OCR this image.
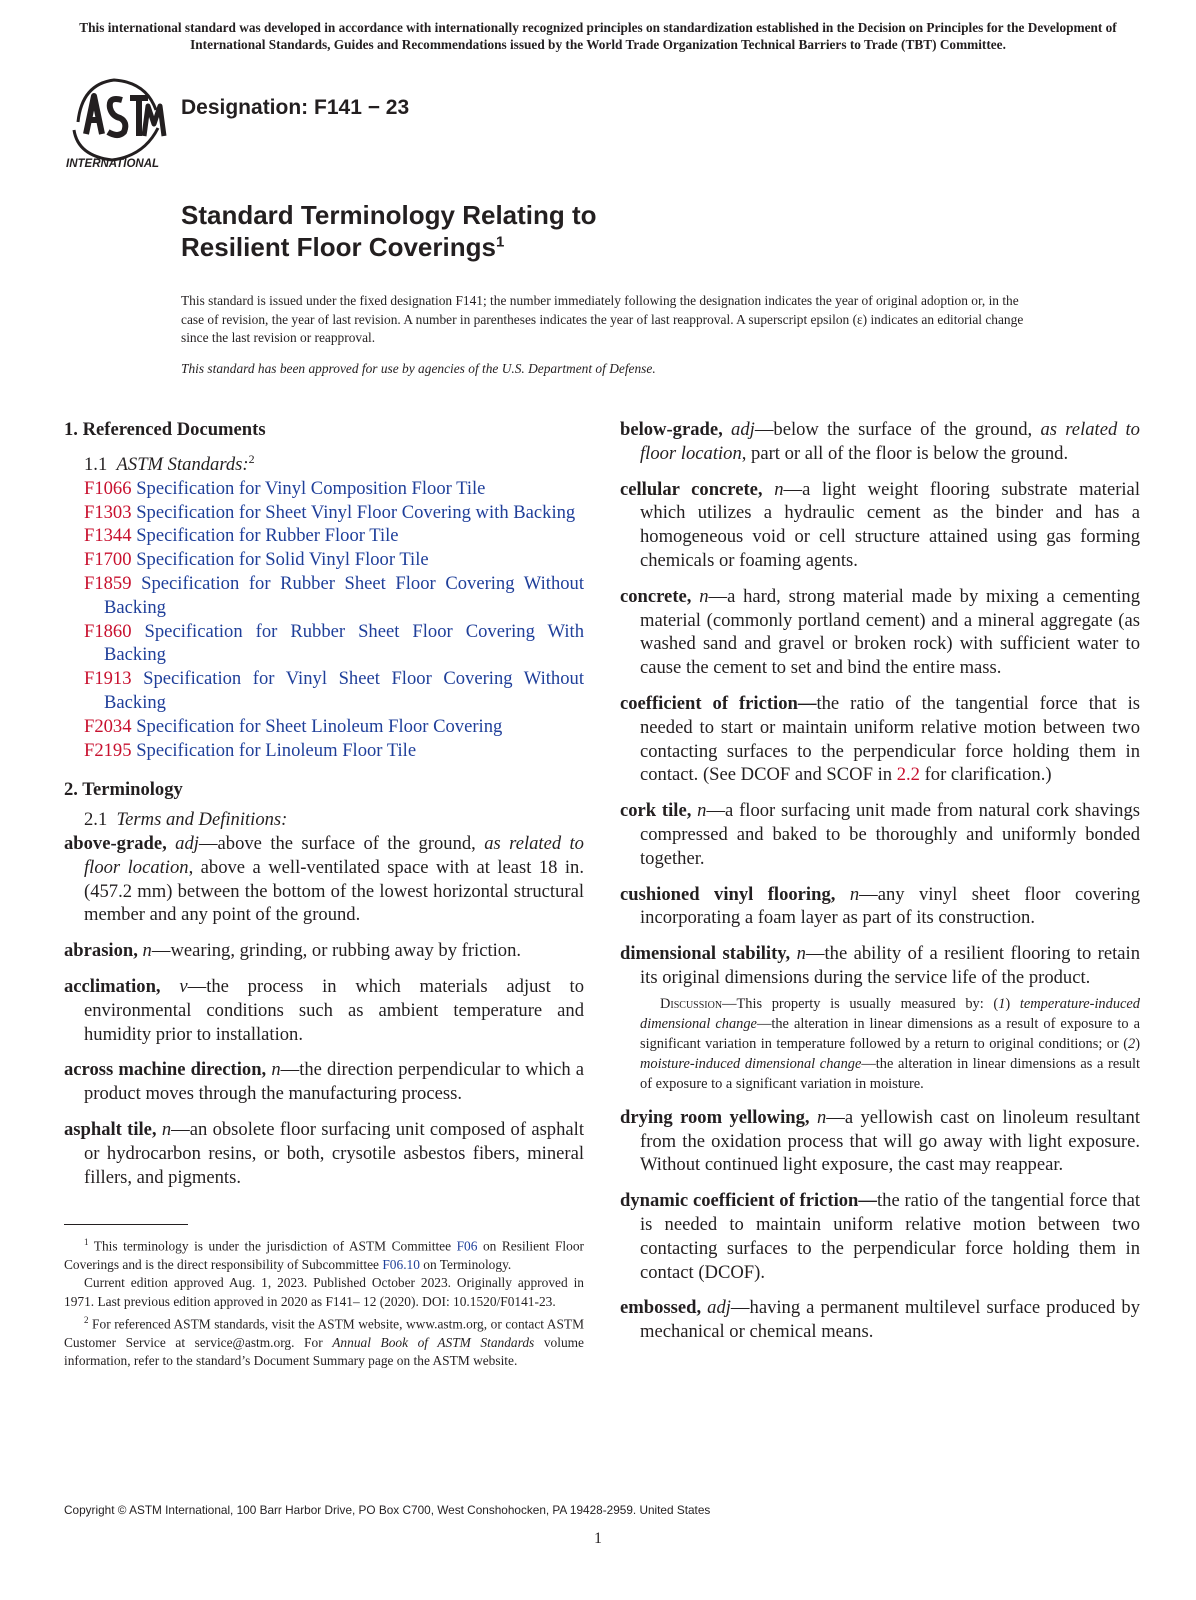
This international standard was developed in accordance with internationally recognized principles on standardization established in the Decision on Principles for the Development of International Standards, Guides and Recommendations issued by the World Trade Organization Technical Barriers to Trade (TBT) Committee.
INTERNATIONAL
Designation: F141 − 23
Standard Terminology Relating to
Resilient Floor Coverings$^1$
This standard is issued under the fixed designation F141; the number immediately following the designation indicates the year of original adoption or, in the case of revision, the year of last revision. A number in parentheses indicates the year of last reapproval. A superscript epsilon (ε) indicates an editorial change since the last revision or reapproval.
This standard has been approved for use by agencies of the U.S. Department of Defense.

1. Referenced Documents

1.1 ASTM Standards:$^2$

F1066 Specification for Vinyl Composition Floor Tile

F1303 Specification for Sheet Vinyl Floor Covering with Backing

F1344 Specification for Rubber Floor Tile

F1700 Specification for Solid Vinyl Floor Tile

F1859 Specification for Rubber Sheet Floor Covering Without Backing

F1860 Specification for Rubber Sheet Floor Covering With Backing

F1913 Specification for Vinyl Sheet Floor Covering Without Backing

F2034 Specification for Sheet Linoleum Floor Covering

F2195 Specification for Linoleum Floor Tile

2. Terminology

2.1 Terms and Definitions:

above-grade, adj—above the surface of the ground, as related to floor location, above a well-ventilated space with at least 18 in. (457.2 mm) between the bottom of the lowest horizontal structural member and any point of the ground.

abrasion, n—wearing, grinding, or rubbing away by friction.

acclimation, v—the process in which materials adjust to environmental conditions such as ambient temperature and humidity prior to installation.

across machine direction, n—the direction perpendicular to which a product moves through the manufacturing process.

asphalt tile, n—an obsolete floor surfacing unit composed of asphalt or hydrocarbon resins, or both, crysotile asbestos fibers, mineral fillers, and pigments.

below-grade, adj—below the surface of the ground, as related to floor location, part or all of the floor is below the ground.

cellular concrete, n—a light weight flooring substrate material which utilizes a hydraulic cement as the binder and has a homogeneous void or cell structure attained using gas forming chemicals or foaming agents.

concrete, n—a hard, strong material made by mixing a cementing material (commonly portland cement) and a mineral aggregate (as washed sand and gravel or broken rock) with sufficient water to cause the cement to set and bind the entire mass.

coefficient of friction—the ratio of the tangential force that is needed to start or maintain uniform relative motion between two contacting surfaces to the perpendicular force holding them in contact. (See DCOF and SCOF in 2.2 for clarification.)

cork tile, n—a floor surfacing unit made from natural cork shavings compressed and baked to be thoroughly and uniformly bonded together.

cushioned vinyl flooring, n—any vinyl sheet floor covering incorporating a foam layer as part of its construction.

dimensional stability, n—the ability of a resilient flooring to retain its original dimensions during the service life of the product.

Discussion—This property is usually measured by: (1) temperature-induced dimensional change—the alteration in linear dimensions as a result of exposure to a significant variation in temperature followed by a return to original conditions; or (2) moisture-induced dimensional change—the alteration in linear dimensions as a result of exposure to a significant variation in moisture.

drying room yellowing, n—a yellowish cast on linoleum resultant from the oxidation process that will go away with light exposure. Without continued light exposure, the cast may reappear.

dynamic coefficient of friction—the ratio of the tangential force that is needed to maintain uniform relative motion between two contacting surfaces to the perpendicular force holding them in contact (DCOF).

embossed, adj—having a permanent multilevel surface produced by mechanical or chemical means.

$^1$ This terminology is under the jurisdiction of ASTM Committee F06 on Resilient Floor Coverings and is the direct responsibility of Subcommittee F06.10 on Terminology.

Current edition approved Aug. 1, 2023. Published October 2023. Originally approved in 1971. Last previous edition approved in 2020 as F141– 12 (2020). DOI: 10.1520/F0141-23.

$^2$ For referenced ASTM standards, visit the ASTM website, www.astm.org, or contact ASTM Customer Service at service@astm.org. For Annual Book of ASTM Standards volume information, refer to the standard’s Document Summary page on the ASTM website.

Copyright © ASTM International, 100 Barr Harbor Drive, PO Box C700, West Conshohocken, PA 19428-2959. United States
1
